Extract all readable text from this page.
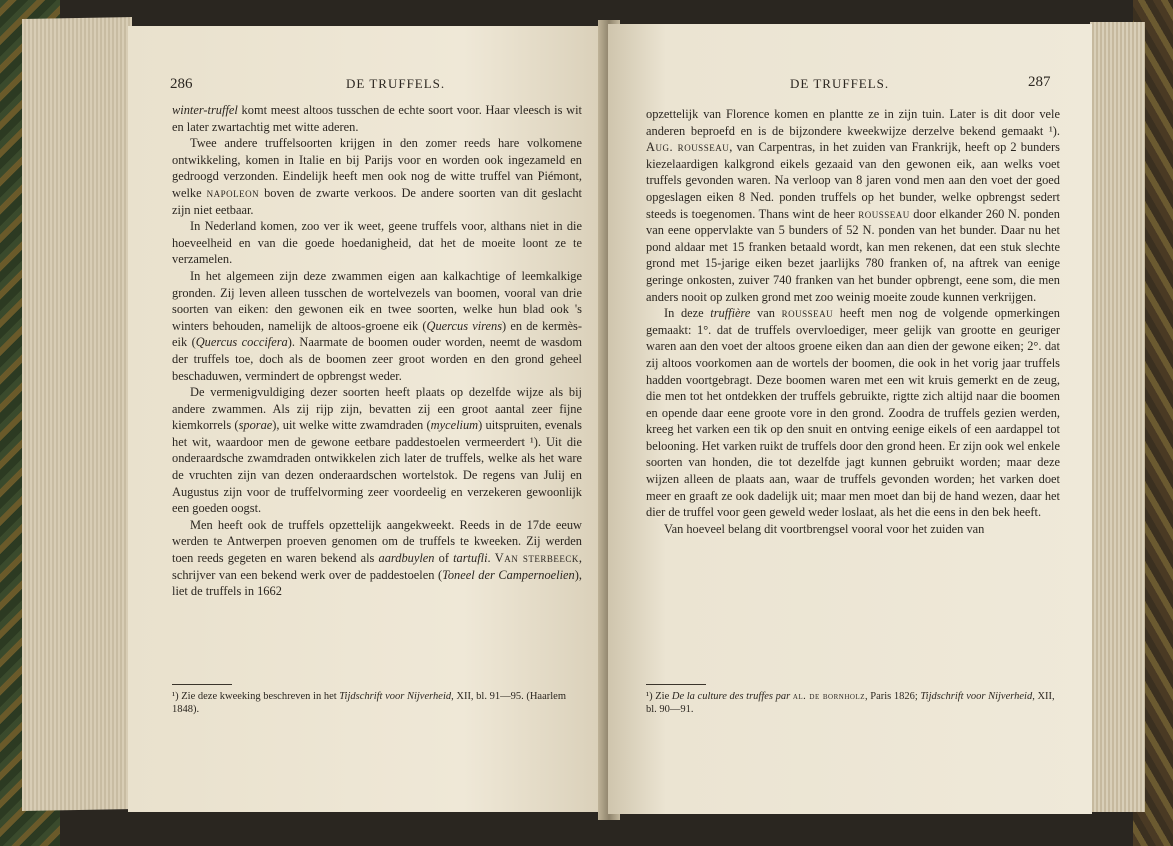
286	DE TRUFFELS.

winter-truffel komt meest altoos tusschen de echte soort voor. Haar vleesch is wit en later zwartachtig met witte aderen.

Twee andere truffelsoorten krijgen in den zomer reeds hare volkomene ontwikkeling, komen in Italie en bij Parijs voor en worden ook ingezameld en gedroogd verzonden. Eindelijk heeft men ook nog de witte truffel van Piémont, welke napoleon boven de zwarte verkoos. De andere soorten van dit geslacht zijn niet eetbaar.

In Nederland komen, zoo ver ik weet, geene truffels voor, althans niet in die hoeveelheid en van die goede hoedanigheid, dat het de moeite loont ze te verzamelen.

In het algemeen zijn deze zwammen eigen aan kalkachtige of leemkalkige gronden. Zij leven alleen tusschen de wortelvezels van boomen, vooral van drie soorten van eiken: den gewonen eik en twee soorten, welke hun blad ook 's winters behouden, namelijk de altoos-groene eik (Quercus virens) en de kermès-eik (Quercus coccifera). Naarmate de boomen ouder worden, neemt de wasdom der truffels toe, doch als de boomen zeer groot worden en den grond geheel beschaduwen, vermindert de opbrengst weder.

De vermenigvuldiging dezer soorten heeft plaats op dezelfde wijze als bij andere zwammen. Als zij rijp zijn, bevatten zij een groot aantal zeer fijne kiemkorrels (sporae), uit welke witte zwamdraden (mycelium) uitspruiten, evenals het wit, waardoor men de gewone eetbare paddestoelen vermeerdert ¹). Uit die onderaardsche zwamdraden ontwikkelen zich later de truffels, welke als het ware de vruchten zijn van dezen onderaardschen wortelstok. De regens van Julij en Augustus zijn voor de truffelvorming zeer voordeelig en verzekeren gewoonlijk een goeden oogst.

Men heeft ook de truffels opzettelijk aangekweekt. Reeds in de 17de eeuw werden te Antwerpen proeven genomen om de truffels te kweeken. Zij werden toen reeds gegeten en waren bekend als aardbuylen of tartufli. Van sterbeeck, schrijver van een bekend werk over de paddestoelen (Toneel der Campernoelien), liet de truffels in 1662

¹) Zie deze kweeking beschreven in het Tijdschrift voor Nijverheid, XII, bl. 91—95. (Haarlem 1848).
DE TRUFFELS.	287

opzettelijk van Florence komen en plantte ze in zijn tuin. Later is dit door vele anderen beproefd en is de bijzondere kweekwijze derzelve bekend gemaakt ¹). Aug. rousseau, van Carpentras, in het zuiden van Frankrijk, heeft op 2 bunders kiezelaardigen kalkgrond eikels gezaaid van den gewonen eik, aan welks voet truffels gevonden waren. Na verloop van 8 jaren vond men aan den voet der goed opgeslagen eiken 8 Ned. ponden truffels op het bunder, welke opbrengst sedert steeds is toegenomen. Thans wint de heer rousseau door elkander 260 N. ponden van eene oppervlakte van 5 bunders of 52 N. ponden van het bunder. Daar nu het pond aldaar met 15 franken betaald wordt, kan men rekenen, dat een stuk slechte grond met 15-jarige eiken bezet jaarlijks 780 franken of, na aftrek van eenige geringe onkosten, zuiver 740 franken van het bunder opbrengt, eene som, die men anders nooit op zulken grond met zoo weinig moeite zoude kunnen verkrijgen.

In deze truffière van rousseau heeft men nog de volgende opmerkingen gemaakt: 1°. dat de truffels overvloediger, meer gelijk van grootte en geuriger waren aan den voet der altoos groene eiken dan aan dien der gewone eiken; 2°. dat zij altoos voorkomen aan de wortels der boomen, die ook in het vorig jaar truffels hadden voortgebragt. Deze boomen waren met een wit kruis gemerkt en de zeug, die men tot het ontdekken der truffels gebruikte, rigtte zich altijd naar die boomen en opende daar eene groote vore in den grond. Zoodra de truffels gezien werden, kreeg het varken een tik op den snuit en ontving eenige eikels of een aardappel tot belooning. Het varken ruikt de truffels door den grond heen. Er zijn ook wel enkele soorten van honden, die tot dezelfde jagt kunnen gebruikt worden; maar deze wijzen alleen de plaats aan, waar de truffels gevonden worden; het varken doet meer en graaft ze ook dadelijk uit; maar men moet dan bij de hand wezen, daar het dier de truffel voor geen geweld weder loslaat, als het die eens in den bek heeft.

Van hoeveel belang dit voortbrengsel vooral voor het zuiden van

¹) Zie De la culture des truffes par al. de bornholz, Paris 1826; Tijdschrift voor Nijverheid, XII, bl. 90—91.
